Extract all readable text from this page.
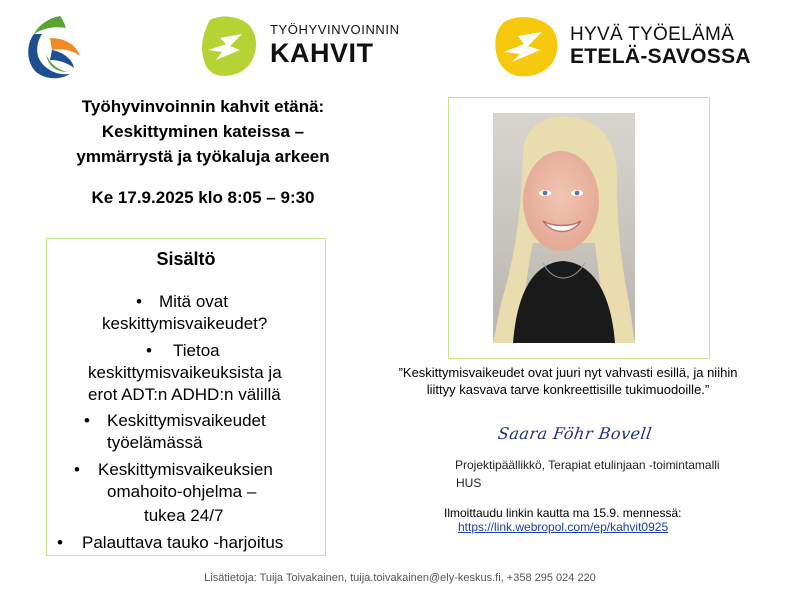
TYÖHYVINVOINNIN
KAHVIT
HYVÄ TYÖELÄMÄ
ETELÄ-SAVOSSA
Työhyvinvoinnin kahvit etänä:
Keskittyminen kateissa –
ymmärrystä ja työkaluja arkeen
Ke 17.9.2025 klo 8:05 – 9:30
Sisältö
• Mitä ovat
keskittymisvaikeudet?
• Tietoa
keskittymisvaikeuksista ja
erot ADT:n ADHD:n välillä
• Keskittymisvaikeudet
työelämässä
• Keskittymisvaikeuksien
omahoito-ohjelma –
tukea 24/7
• Palauttava tauko -harjoitus
”Keskittymisvaikeudet ovat juuri nyt vahvasti esillä, ja niihin
liittyy kasvava tarve konkreettisille tukimuodoille.”
Saara Föhr Bovell
Projektipäällikkö, Terapiat etulinjaan -toimintamalli
HUS
Ilmoittaudu linkin kautta ma 15.9. mennessä:
https://link.webropol.com/ep/kahvit0925
Lisätietoja: Tuija Toivakainen, tuija.toivakainen@ely-keskus.fi, +358 295 024 220
